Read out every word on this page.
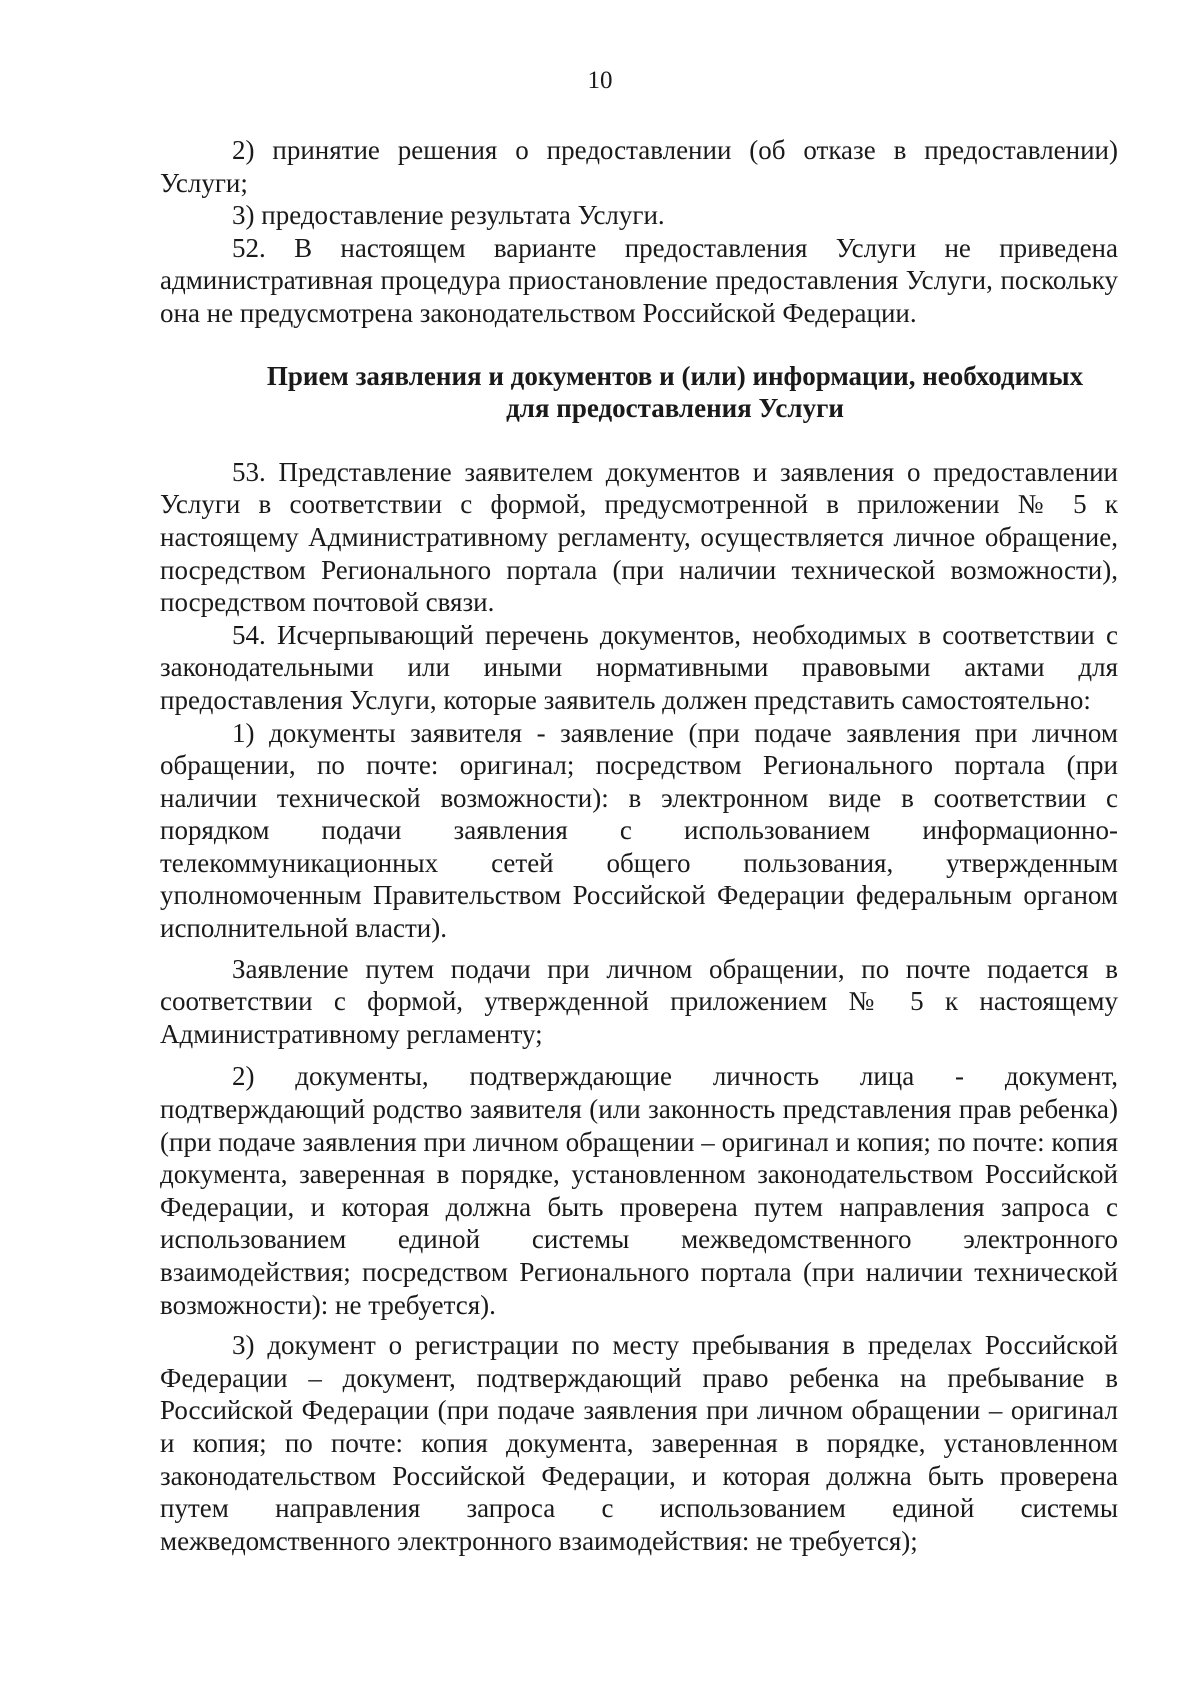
10

2) принятие решения о предоставлении (об отказе в предоставлении) Услуги;

3) предоставление результата Услуги.

52. В настоящем варианте предоставления Услуги не приведена административная процедура приостановление предоставления Услуги, поскольку она не предусмотрена законодательством Российской Федерации.

Прием заявления и документов и (или) информации, необходимых
для предоставления Услуги

53. Представление заявителем документов и заявления о предоставлении Услуги в соответствии с формой, предусмотренной в приложении № 5 к настоящему Административному регламенту, осуществляется личное обращение, посредством Регионального портала (при наличии технической возможности), посредством почтовой связи.

54. Исчерпывающий перечень документов, необходимых в соответствии с законодательными или иными нормативными правовыми актами для предоставления Услуги, которые заявитель должен представить самостоятельно:

1) документы заявителя - заявление (при подаче заявления при личном обращении, по почте: оригинал; посредством Регионального портала (при наличии технической возможности): в электронном виде в соответствии с порядком подачи заявления с использованием информационно-телекоммуникационных сетей общего пользования, утвержденным уполномоченным Правительством Российской Федерации федеральным органом исполнительной власти).

Заявление путем подачи при личном обращении, по почте подается в соответствии с формой, утвержденной приложением № 5 к настоящему Административному регламенту;

2) документы, подтверждающие личность лица - документ, подтверждающий родство заявителя (или законность представления прав ребенка) (при подаче заявления при личном обращении – оригинал и копия; по почте: копия документа, заверенная в порядке, установленном законодательством Российской Федерации, и которая должна быть проверена путем направления запроса с использованием единой системы межведомственного электронного взаимодействия; посредством Регионального портала (при наличии технической возможности): не требуется).

3) документ о регистрации по месту пребывания в пределах Российской Федерации – документ, подтверждающий право ребенка на пребывание в Российской Федерации (при подаче заявления при личном обращении – оригинал и копия; по почте: копия документа, заверенная в порядке, установленном законодательством Российской Федерации, и которая должна быть проверена путем направления запроса с использованием единой системы межведомственного электронного взаимодействия: не требуется);
